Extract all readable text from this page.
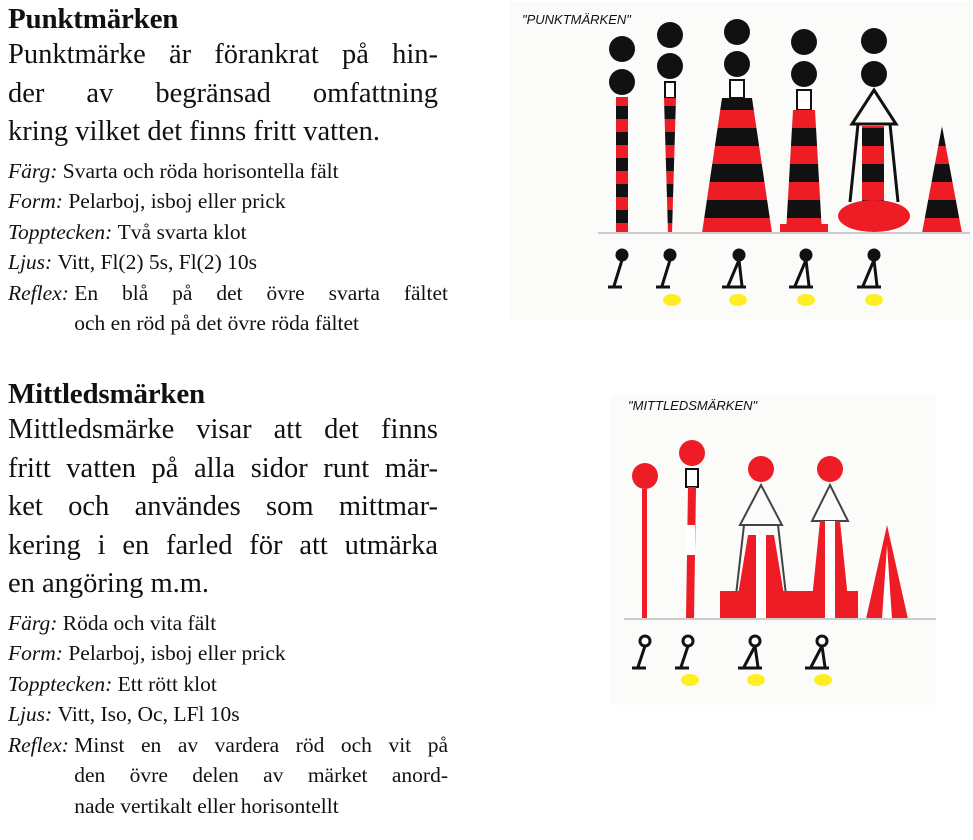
Punktmärken

Punktmärke är förankrat på hin-
der av begränsad omfattning
kring vilket det finns fritt vatten.

Färg:
Svarta och röda horisontella fält
Form:
Pelarboj, isboj eller prick
Topptecken:
Två svarta klot
Ljus:
Vitt, Fl(2) 5s, Fl(2) 10s
Reflex:
En blå på det övre svarta fältet
och en röd på det övre röda fältet
"PUNKTMÄRKEN"
Mittledsmärken

Mittledsmärke visar att det finns
fritt vatten på alla sidor runt mär-
ket och användes som mittmar-
kering i en farled för att utmärka
en angöring m.m.

Färg:
Röda och vita fält
Form:
Pelarboj, isboj eller prick
Topptecken:
Ett rött klot
Ljus:
Vitt, Iso, Oc, LFl 10s
Reflex:
Minst en av vardera röd och vit på
den övre delen av märket anord-
nade vertikalt eller horisontellt
"MITTLEDSMÄRKEN"
